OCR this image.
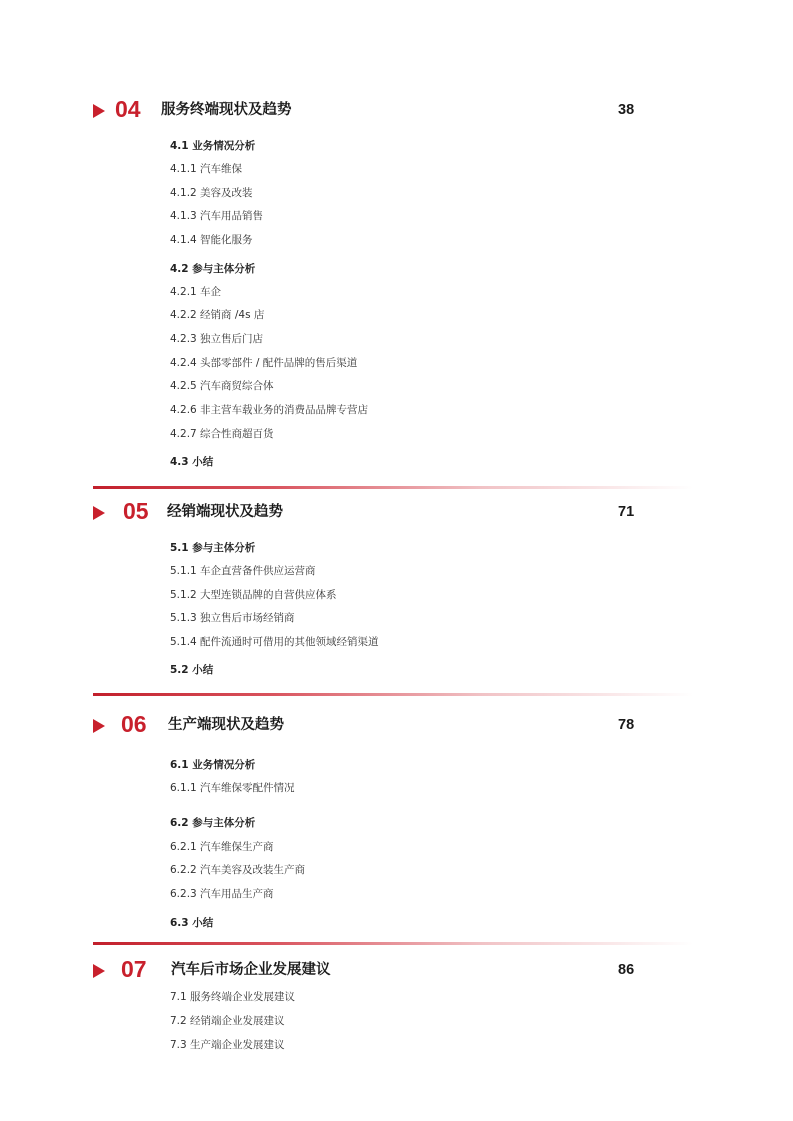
04 服务终端现状及趋势	38
4.1 业务情况分析
4.1.1 汽车维保
4.1.2 美容及改装
4.1.3 汽车用品销售
4.1.4 智能化服务
4.2 参与主体分析
4.2.1 车企
4.2.2 经销商 /4s 店
4.2.3 独立售后门店
4.2.4 头部零部件 / 配件品牌的售后渠道
4.2.5 汽车商贸综合体
4.2.6 非主营车载业务的消费品品牌专营店
4.2.7 综合性商超百货
4.3 小结
05 经销端现状及趋势	71
5.1 参与主体分析
5.1.1 车企直营备件供应运营商
5.1.2 大型连锁品牌的自营供应体系
5.1.3 独立售后市场经销商
5.1.4 配件流通时可借用的其他领域经销渠道
5.2 小结
06 生产端现状及趋势	78
6.1 业务情况分析
6.1.1 汽车维保零配件情况
6.2 参与主体分析
6.2.1 汽车维保生产商
6.2.2 汽车美容及改装生产商
6.2.3 汽车用品生产商
6.3 小结
07 汽车后市场企业发展建议	86
7.1 服务终端企业发展建议
7.2 经销端企业发展建议
7.3 生产端企业发展建议
